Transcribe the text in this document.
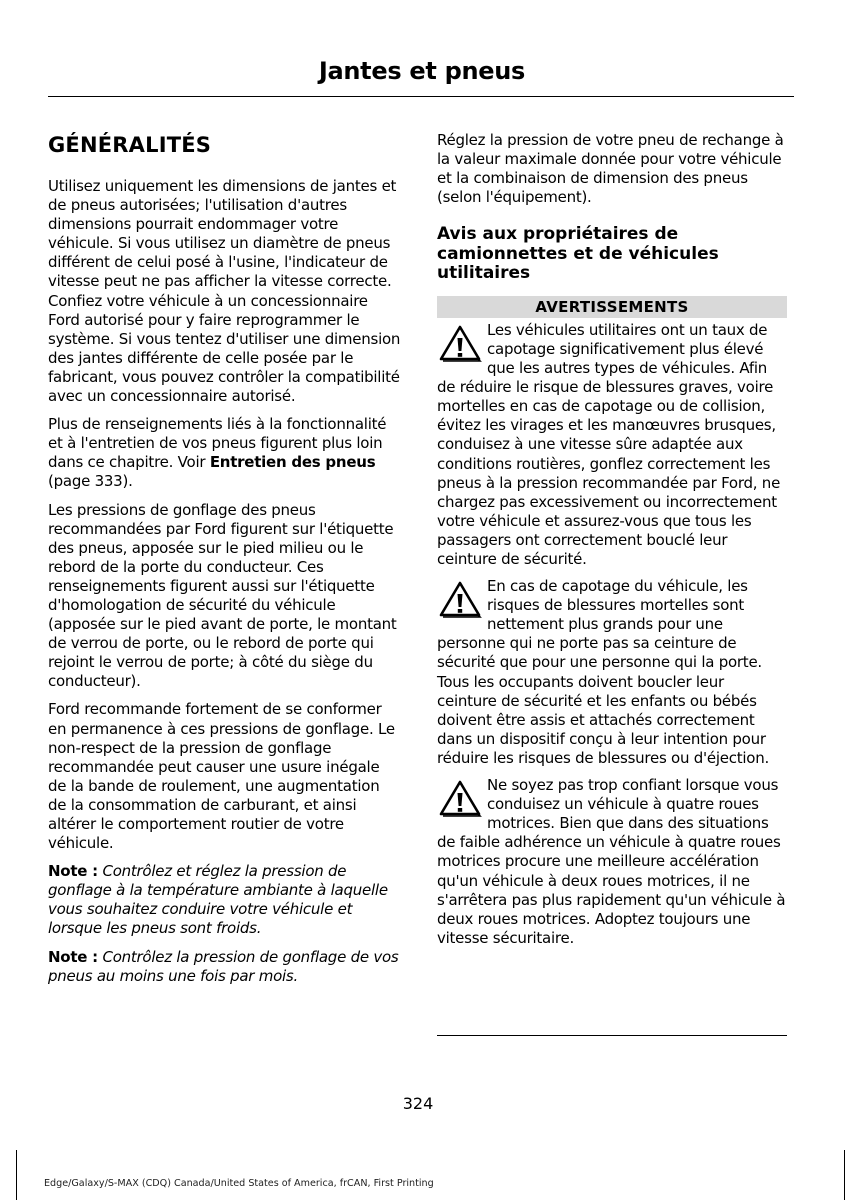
Jantes et pneus
GÉNÉRALITÉS

Utilisez uniquement les dimensions de jantes et de pneus autorisées; l'utilisation d'autres dimensions pourrait endommager votre véhicule. Si vous utilisez un diamètre de pneus différent de celui posé à l'usine, l'indicateur de vitesse peut ne pas afficher la vitesse correcte. Confiez votre véhicule à un concessionnaire Ford autorisé pour y faire reprogrammer le système. Si vous tentez d'utiliser une dimension des jantes différente de celle posée par le fabricant, vous pouvez contrôler la compatibilité avec un concessionnaire autorisé.

Plus de renseignements liés à la fonctionnalité et à l'entretien de vos pneus figurent plus loin dans ce chapitre. Voir Entretien des pneus (page 333).

Les pressions de gonflage des pneus recommandées par Ford figurent sur l'étiquette des pneus, apposée sur le pied milieu ou le rebord de la porte du conducteur. Ces renseignements figurent aussi sur l'étiquette d'homologation de sécurité du véhicule (apposée sur le pied avant de porte, le montant de verrou de porte, ou le rebord de porte qui rejoint le verrou de porte; à côté du siège du conducteur).

Ford recommande fortement de se conformer en permanence à ces pressions de gonflage. Le non-respect de la pression de gonflage recommandée peut causer une usure inégale de la bande de roulement, une augmentation de la consommation de carburant, et ainsi altérer le comportement routier de votre véhicule.

Note : Contrôlez et réglez la pression de gonflage à la température ambiante à laquelle vous souhaitez conduire votre véhicule et lorsque les pneus sont froids.

Note : Contrôlez la pression de gonflage de vos pneus au moins une fois par mois.

Réglez la pression de votre pneu de rechange à la valeur maximale donnée pour votre véhicule et la combinaison de dimension des pneus (selon l'équipement).

Avis aux propriétaires de camionnettes et de véhicules utilitaires
AVERTISSEMENTS

Les véhicules utilitaires ont un taux de capotage significativement plus élevé que les autres types de véhicules. Afin de réduire le risque de blessures graves, voire mortelles en cas de capotage ou de collision, évitez les virages et les manœuvres brusques, conduisez à une vitesse sûre adaptée aux conditions routières, gonflez correctement les pneus à la pression recommandée par Ford, ne chargez pas excessivement ou incorrectement votre véhicule et assurez-vous que tous les passagers ont correctement bouclé leur ceinture de sécurité.

En cas de capotage du véhicule, les risques de blessures mortelles sont nettement plus grands pour une personne qui ne porte pas sa ceinture de sécurité que pour une personne qui la porte. Tous les occupants doivent boucler leur ceinture de sécurité et les enfants ou bébés doivent être assis et attachés correctement dans un dispositif conçu à leur intention pour réduire les risques de blessures ou d'éjection.

Ne soyez pas trop confiant lorsque vous conduisez un véhicule à quatre roues motrices. Bien que dans des situations de faible adhérence un véhicule à quatre roues motrices procure une meilleure accélération qu'un véhicule à deux roues motrices, il ne s'arrêtera pas plus rapidement qu'un véhicule à deux roues motrices. Adoptez toujours une vitesse sécuritaire.

324
Edge/Galaxy/S-MAX (CDQ) Canada/United States of America, frCAN, First Printing
